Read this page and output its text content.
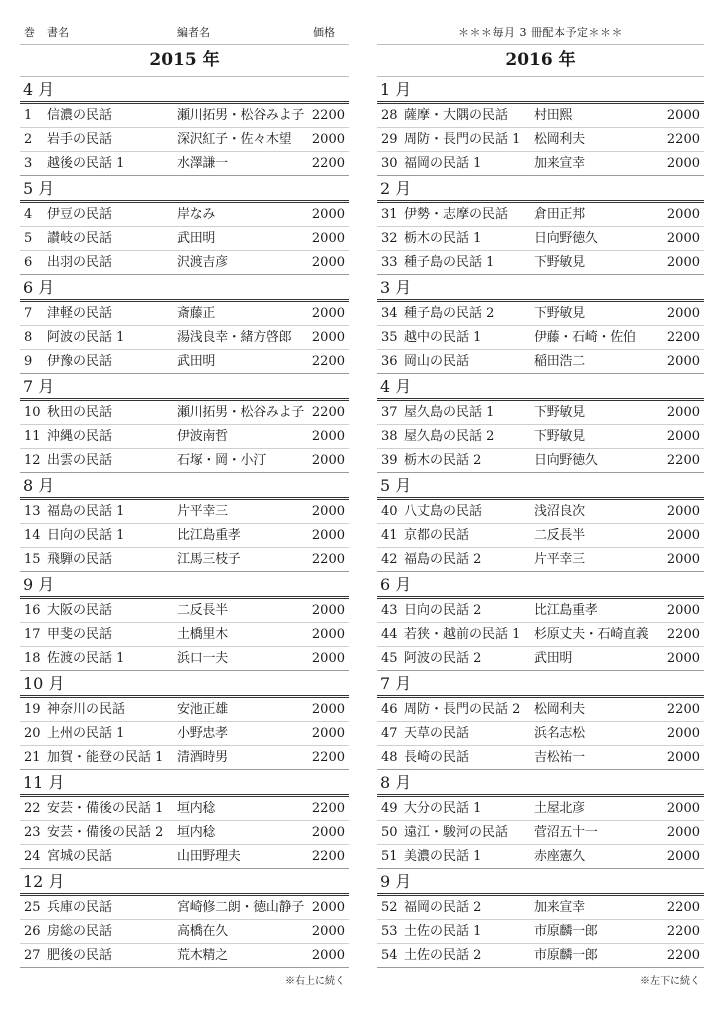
巻 書名	編者名	価格
2015 年
4 月
1 信濃の民話	瀬川拓男・松谷みよ子 2200
2 岩手の民話	深沢紅子・佐々木望 2000
3 越後の民話 1	水澤謙一	2200
5 月
4 伊豆の民話	岸なみ	2000
5 讃岐の民話	武田明	2000
6 出羽の民話	沢渡吉彦	2000
6 月
7 津軽の民話	斎藤正	2000
8 阿波の民話 1	湯浅良幸・緒方啓郎 2000
9 伊豫の民話	武田明	2200
7 月
10 秋田の民話	瀬川拓男・松谷みよ子 2200
11 沖縄の民話	伊波南哲	2000
12 出雲の民話	石塚・岡・小汀	2000
8 月
13 福島の民話 1	片平幸三	2000
14 日向の民話 1	比江島重孝	2000
15 飛騨の民話	江馬三枝子	2200
9 月
16 大阪の民話	二反長半	2000
17 甲斐の民話	土橋里木	2000
18 佐渡の民話 1	浜口一夫	2000
10 月
19 神奈川の民話	安池正雄	2000
20 上州の民話 1	小野忠孝	2000
21 加賀・能登の民話 1 清酒時男	2200
11 月
22 安芸・備後の民話 1 垣内稔	2200
23 安芸・備後の民話 2 垣内稔	2000
24 宮城の民話	山田野理夫	2200
12 月
25 兵庫の民話	宮崎修二朗・徳山静子 2000
26 房総の民話	高橋在久	2000
27 肥後の民話	荒木精之	2000
※右上に続く
＊＊＊毎月 3 冊配本予定＊＊＊
2016 年
1 月
28 薩摩・大隅の民話 村田熙	2000
29 周防・長門の民話 1 松岡利夫	2200
30 福岡の民話 1	加来宣幸	2000
2 月
31 伊勢・志摩の民話 倉田正邦	2000
32 栃木の民話 1	日向野徳久	2000
33 種子島の民話 1	下野敏見	2000
3 月
34 種子島の民話 2	下野敏見	2000
35 越中の民話 1	伊藤・石崎・佐伯 2200
36 岡山の民話	稲田浩二	2000
4 月
37 屋久島の民話 1	下野敏見	2000
38 屋久島の民話 2	下野敏見	2000
39 栃木の民話 2	日向野徳久	2200
5 月
40 八丈島の民話	浅沼良次	2000
41 京都の民話	二反長半	2000
42 福島の民話 2	片平幸三	2000
6 月
43 日向の民話 2	比江島重孝	2000
44 若狭・越前の民話 1 杉原丈夫・石崎直義 2200
45 阿波の民話 2	武田明	2000
7 月
46 周防・長門の民話 2 松岡利夫	2200
47 天草の民話	浜名志松	2000
48 長崎の民話	吉松祐一	2000
8 月
49 大分の民話 1	土屋北彦	2000
50 遠江・駿河の民話 菅沼五十一	2000
51 美濃の民話 1	赤座憲久	2000
9 月
52 福岡の民話 2	加来宣幸	2200
53 土佐の民話 1	市原麟一郎	2200
54 土佐の民話 2	市原麟一郎	2200
※左下に続く
